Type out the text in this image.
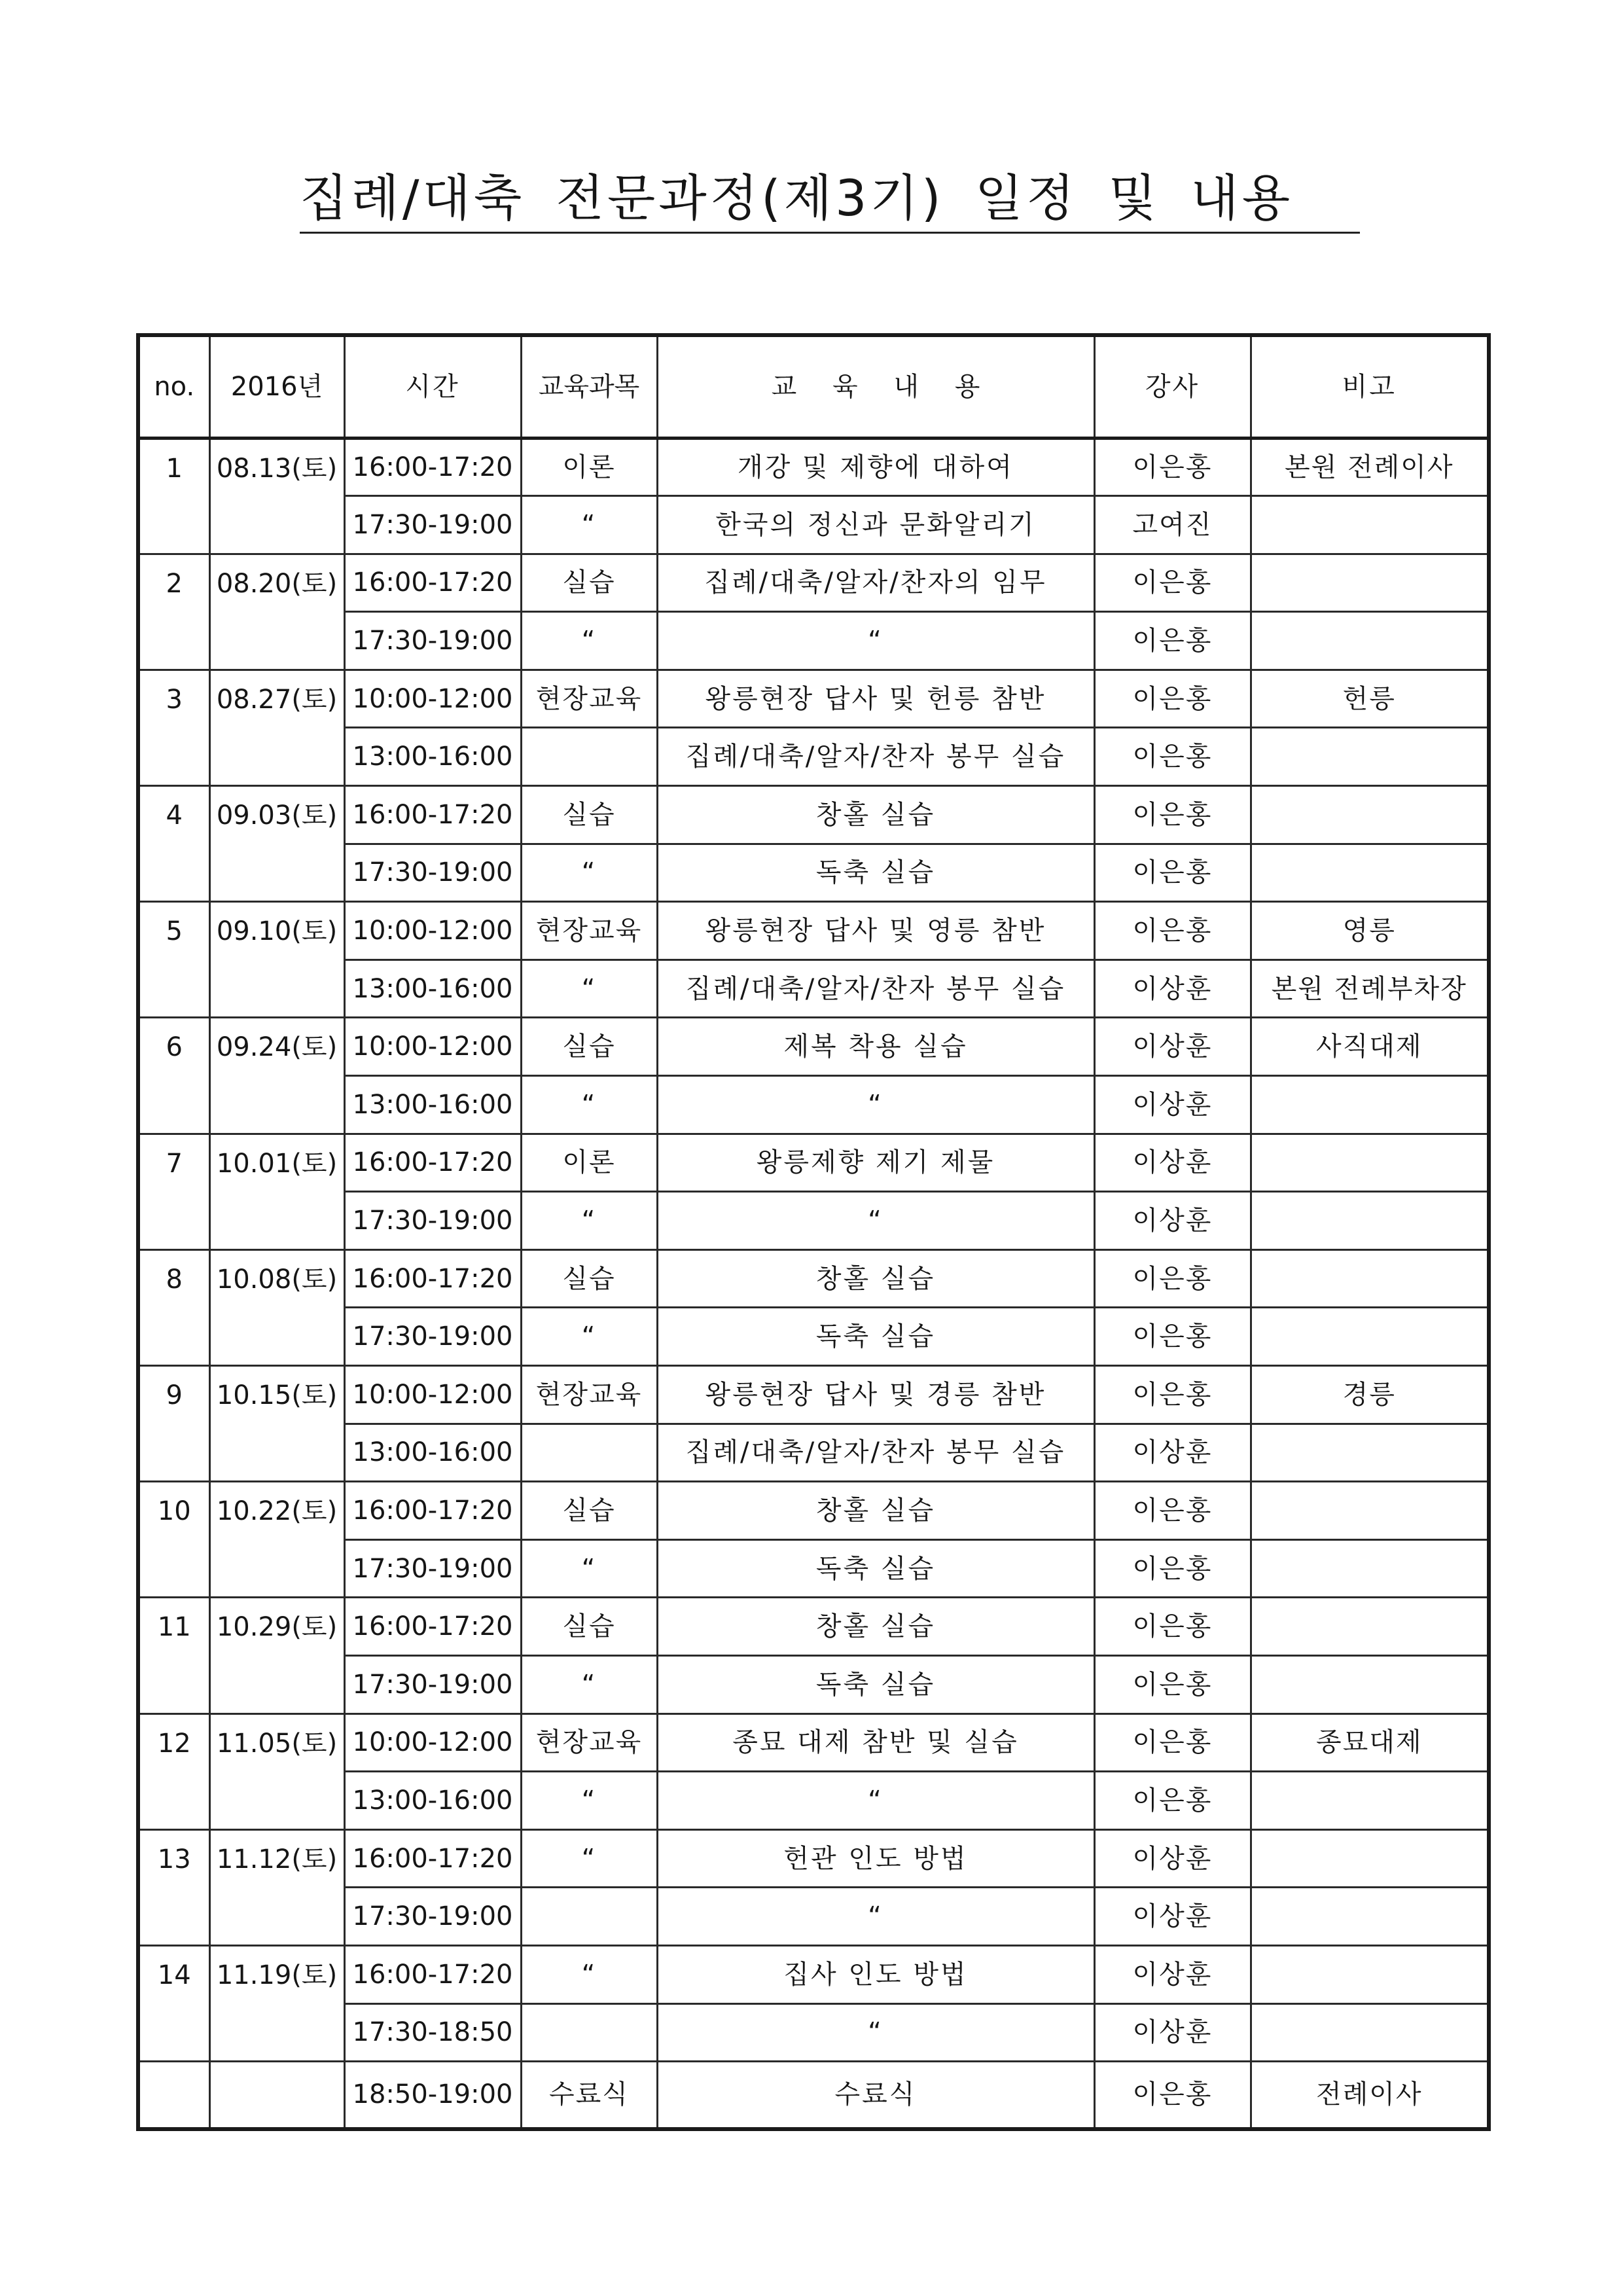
집례/대축 전문과정(제3기) 일정 및 내용
no.	2016년	시간	교육과목	교 육 내 용	강사	비고
1	08.13(토)	16:00-17:20	이론	개강 및 제향에 대하여	이은홍	본원 전례이사
		17:30-19:00	“	한국의 정신과 문화알리기	고여진	
2	08.20(토)	16:00-17:20	실습	집례/대축/알자/찬자의 임무	이은홍	
		17:30-19:00	“	“	이은홍	
3	08.27(토)	10:00-12:00	현장교육	왕릉현장 답사 및 헌릉 참반	이은홍	헌릉
		13:00-16:00		집례/대축/알자/찬자 봉무 실습	이은홍	
4	09.03(토)	16:00-17:20	실습	창홀 실습	이은홍	
		17:30-19:00	“	독축 실습	이은홍	
5	09.10(토)	10:00-12:00	현장교육	왕릉현장 답사 및 영릉 참반	이은홍	영릉
		13:00-16:00	“	집례/대축/알자/찬자 봉무 실습	이상훈	본원 전례부차장
6	09.24(토)	10:00-12:00	실습	제복 착용 실습	이상훈	사직대제
		13:00-16:00	“	“	이상훈	
7	10.01(토)	16:00-17:20	이론	왕릉제향 제기 제물	이상훈	
		17:30-19:00	“	“	이상훈	
8	10.08(토)	16:00-17:20	실습	창홀 실습	이은홍	
		17:30-19:00	“	독축 실습	이은홍	
9	10.15(토)	10:00-12:00	현장교육	왕릉현장 답사 및 경릉 참반	이은홍	경릉
		13:00-16:00		집례/대축/알자/찬자 봉무 실습	이상훈	
10	10.22(토)	16:00-17:20	실습	창홀 실습	이은홍	
		17:30-19:00	“	독축 실습	이은홍	
11	10.29(토)	16:00-17:20	실습	창홀 실습	이은홍	
		17:30-19:00	“	독축 실습	이은홍	
12	11.05(토)	10:00-12:00	현장교육	종묘 대제 참반 및 실습	이은홍	종묘대제
		13:00-16:00	“	“	이은홍	
13	11.12(토)	16:00-17:20	“	헌관 인도 방법	이상훈	
		17:30-19:00		“	이상훈	
14	11.19(토)	16:00-17:20	“	집사 인도 방법	이상훈	
		17:30-18:50		“	이상훈	
		18:50-19:00	수료식	수료식	이은홍	전례이사
